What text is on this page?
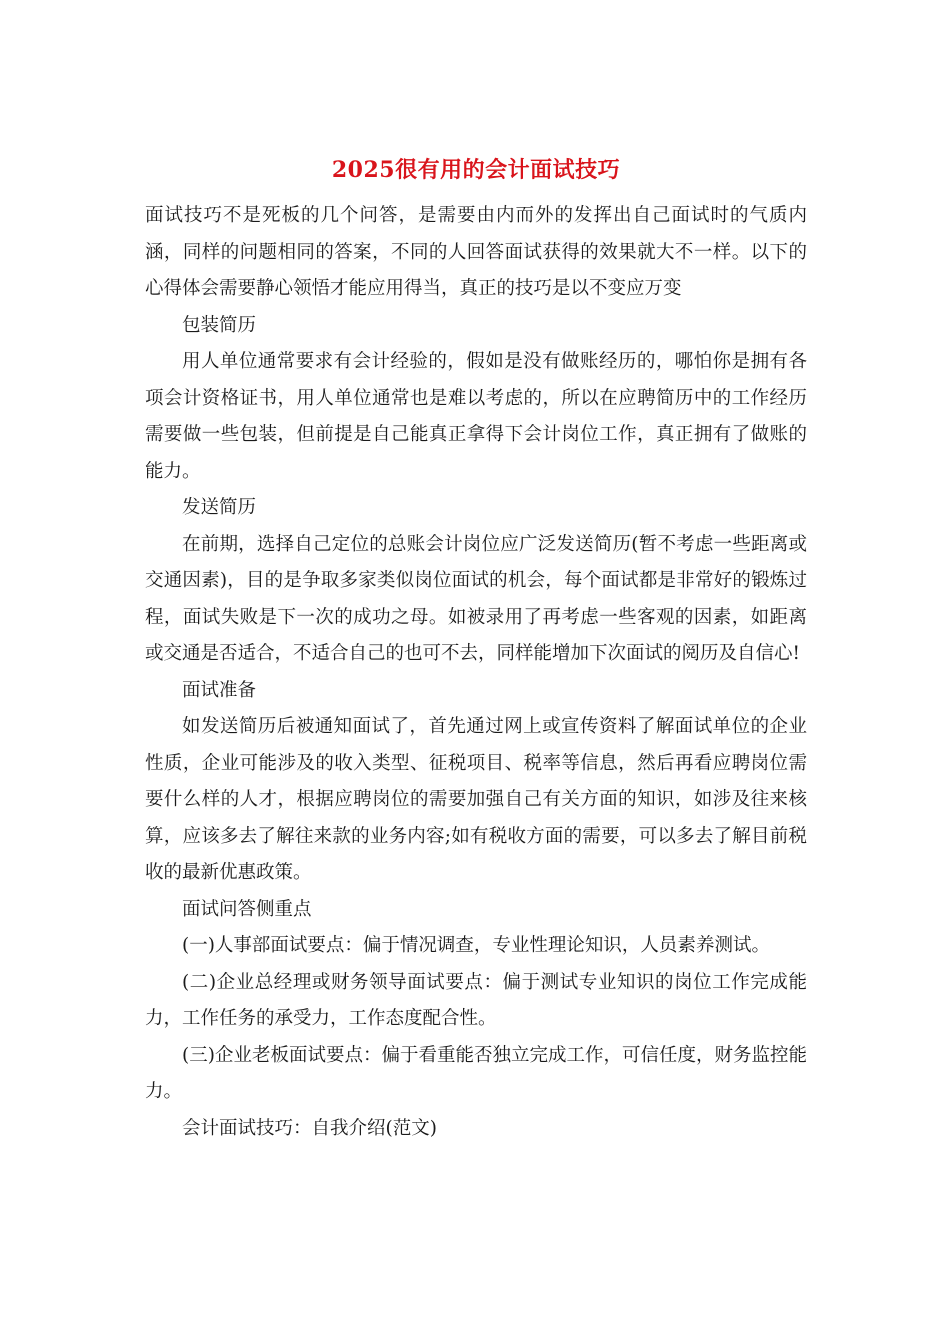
2025很有用的会计面试技巧

面试技巧不是死板的几个问答，是需要由内而外的发挥出自己面试时的气质内涵，同样的问题相同的答案，不同的人回答面试获得的效果就大不一样。以下的心得体会需要静心领悟才能应用得当，真正的技巧是以不变应万变

包装简历

用人单位通常要求有会计经验的，假如是没有做账经历的，哪怕你是拥有各项会计资格证书，用人单位通常也是难以考虑的，所以在应聘简历中的工作经历需要做一些包装，但前提是自己能真正拿得下会计岗位工作，真正拥有了做账的能力。

发送简历

在前期，选择自己定位的总账会计岗位应广泛发送简历(暂不考虑一些距离或交通因素)，目的是争取多家类似岗位面试的机会，每个面试都是非常好的锻炼过程，面试失败是下一次的成功之母。如被录用了再考虑一些客观的因素，如距离或交通是否适合，不适合自己的也可不去，同样能增加下次面试的阅历及自信心!

面试准备

如发送简历后被通知面试了，首先通过网上或宣传资料了解面试单位的企业性质，企业可能涉及的收入类型、征税项目、税率等信息，然后再看应聘岗位需要什么样的人才，根据应聘岗位的需要加强自己有关方面的知识，如涉及往来核算，应该多去了解往来款的业务内容;如有税收方面的需要，可以多去了解目前税收的最新优惠政策。

面试问答侧重点

(一)人事部面试要点：偏于情况调查，专业性理论知识，人员素养测试。

(二)企业总经理或财务领导面试要点：偏于测试专业知识的岗位工作完成能力，工作任务的承受力，工作态度配合性。

(三)企业老板面试要点：偏于看重能否独立完成工作，可信任度，财务监控能力。

会计面试技巧：自我介绍(范文)
